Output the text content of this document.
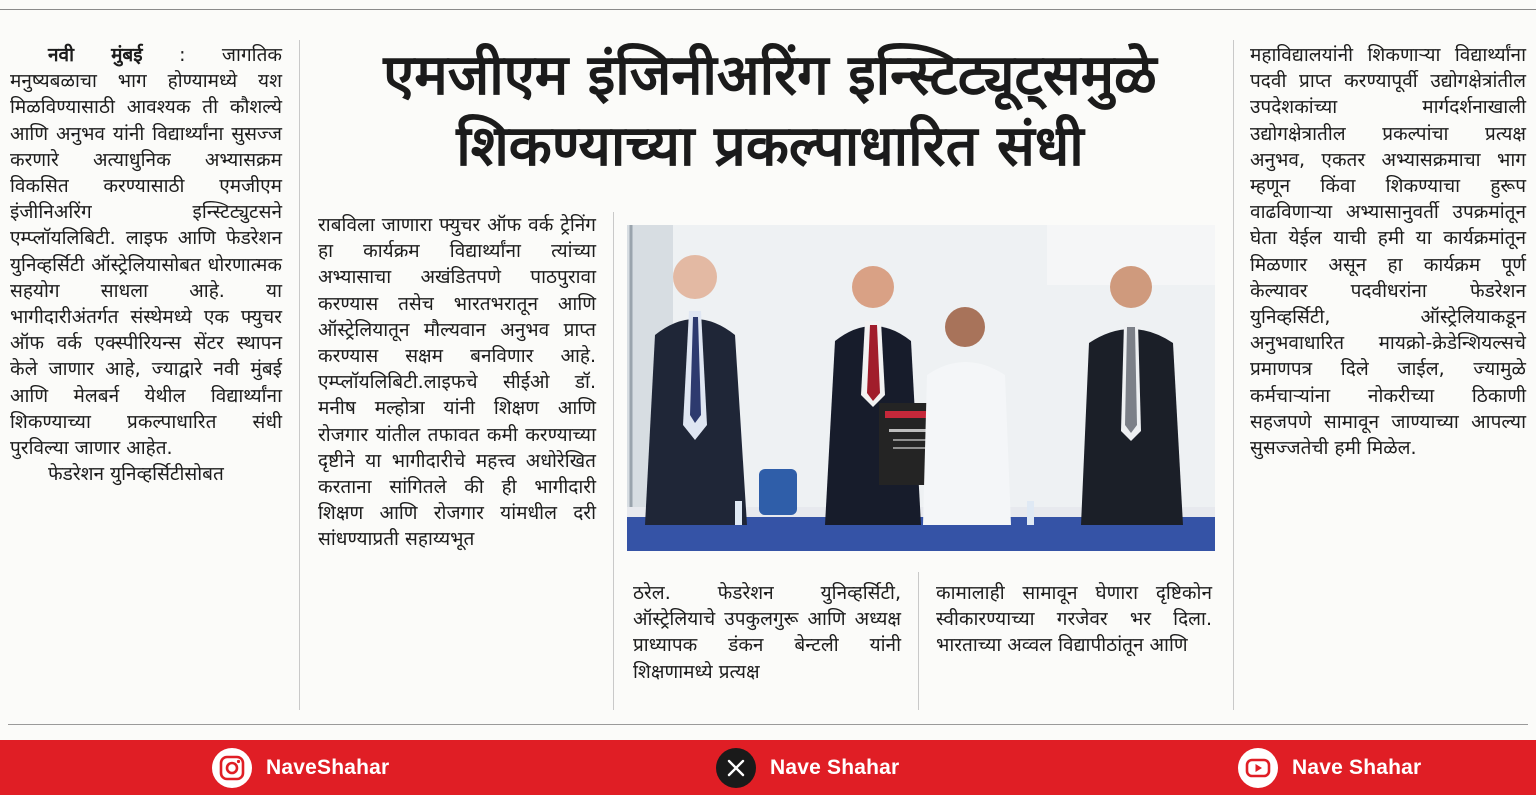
एमजीएम इंजिनीअरिंग इन्स्टिट्यूट्समुळे
शिकण्याच्या प्रकल्पाधारित संधी

नवी मुंबई : जागतिक मनुष्यबळाचा भाग होण्यामध्ये यश मिळविण्यासाठी आवश्यक ती कौशल्ये आणि अनुभव यांनी विद्यार्थ्यांना सुसज्ज करणारे अत्याधुनिक अभ्यासक्रम विकसित करण्यासाठी एमजीएम इंजीनिअरिंग इन्स्टिट्युटसने एम्प्लॉयलिबिटी. लाइफ आणि फेडरेशन युनिव्हर्सिटी ऑस्ट्रेलियासोबत धोरणात्मक सहयोग साधला आहे. या भागीदारीअंतर्गत संस्थेमध्ये एक फ्युचर ऑफ वर्क एक्स्पीरियन्स सेंटर स्थापन केले जाणार आहे, ज्याद्वारे नवी मुंबई आणि मेलबर्न येथील विद्यार्थ्यांना शिकण्याच्या प्रकल्पाधारित संधी पुरविल्या जाणार आहेत.

फेडरेशन युनिव्हर्सिटीसोबत

राबविला जाणारा फ्युचर ऑफ वर्क ट्रेनिंग हा कार्यक्रम विद्यार्थ्यांना त्यांच्या अभ्यासाचा अखंडितपणे पाठपुरावा करण्यास तसेच भारतभरातून आणि ऑस्ट्रेलियातून मौल्यवान अनुभव प्राप्त करण्यास सक्षम बनविणार आहे. एम्प्लॉयलिबिटी.लाइफचे सीईओ डॉ. मनीष मल्होत्रा यांनी शिक्षण आणि रोजगार यांतील तफावत कमी करण्याच्या दृष्टीने या भागीदारीचे महत्त्व अधोरेखित करताना सांगितले की ही भागीदारी शिक्षण आणि रोजगार यांमधील दरी सांधण्याप्रती सहाय्यभूत

ठरेल. फेडरेशन युनिव्हर्सिटी, ऑस्ट्रेलियाचे उपकुलगुरू आणि अध्यक्ष प्राध्यापक डंकन बेन्टली यांनी शिक्षणामध्ये प्रत्यक्ष

कामालाही सामावून घेणारा दृष्टिकोन स्वीकारण्याच्या गरजेवर भर दिला. भारताच्या अव्वल विद्यापीठांतून आणि

महाविद्यालयांनी शिकणाऱ्या विद्यार्थ्यांना पदवी प्राप्त करण्यापूर्वी उद्योगक्षेत्रांतील उपदेशकांच्या मार्गदर्शनाखाली उद्योगक्षेत्रातील प्रकल्पांचा प्रत्यक्ष अनुभव, एकतर अभ्यासक्रमाचा भाग म्हणून किंवा शिकण्याचा हुरूप वाढविणाऱ्या अभ्यासानुवर्ती उपक्रमांतून घेता येईल याची हमी या कार्यक्रमांतून मिळणार असून हा कार्यक्रम पूर्ण केल्यावर पदवीधरांना फेडरेशन युनिव्हर्सिटी, ऑस्ट्रेलियाकडून अनुभवाधारित मायक्रो-क्रेडेन्शियल्सचे प्रमाणपत्र दिले जाईल, ज्यामुळे कर्मचाऱ्यांना नोकरीच्या ठिकाणी सहजपणे सामावून जाण्याच्या आपल्या सुसज्जतेची हमी मिळेल.

NaveShahar	Nave Shahar	Nave Shahar
